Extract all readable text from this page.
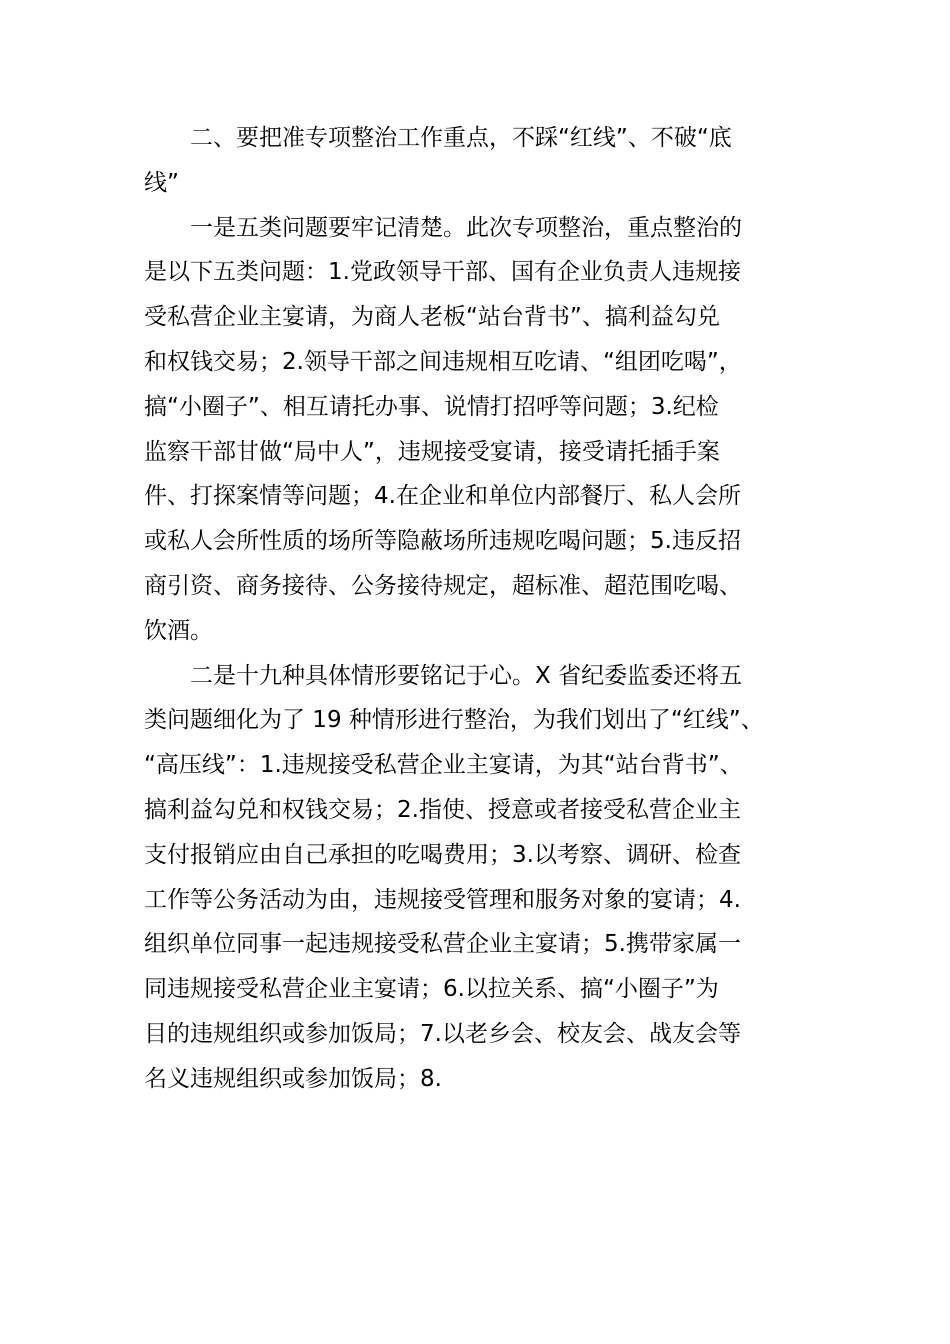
二、要把准专项整治工作重点，不踩“红线”、不破“底
线”
一是五类问题要牢记清楚。此次专项整治，重点整治的
是以下五类问题：1.党政领导干部、国有企业负责人违规接
受私营企业主宴请，为商人老板“站台背书”、搞利益勾兑
和权钱交易；2.领导干部之间违规相互吃请、“组团吃喝”，
搞“小圈子”、相互请托办事、说情打招呼等问题；3.纪检
监察干部甘做“局中人”，违规接受宴请，接受请托插手案
件、打探案情等问题；4.在企业和单位内部餐厅、私人会所
或私人会所性质的场所等隐蔽场所违规吃喝问题；5.违反招
商引资、商务接待、公务接待规定，超标准、超范围吃喝、
饮酒。
二是十九种具体情形要铭记于心。X 省纪委监委还将五
类问题细化为了 19 种情形进行整治，为我们划出了“红线”、
“高压线”：1.违规接受私营企业主宴请，为其“站台背书”、
搞利益勾兑和权钱交易；2.指使、授意或者接受私营企业主
支付报销应由自己承担的吃喝费用；3.以考察、调研、检查
工作等公务活动为由，违规接受管理和服务对象的宴请；4.
组织单位同事一起违规接受私营企业主宴请；5.携带家属一
同违规接受私营企业主宴请；6.以拉关系、搞“小圈子”为
目的违规组织或参加饭局；7.以老乡会、校友会、战友会等
名义违规组织或参加饭局；8.
